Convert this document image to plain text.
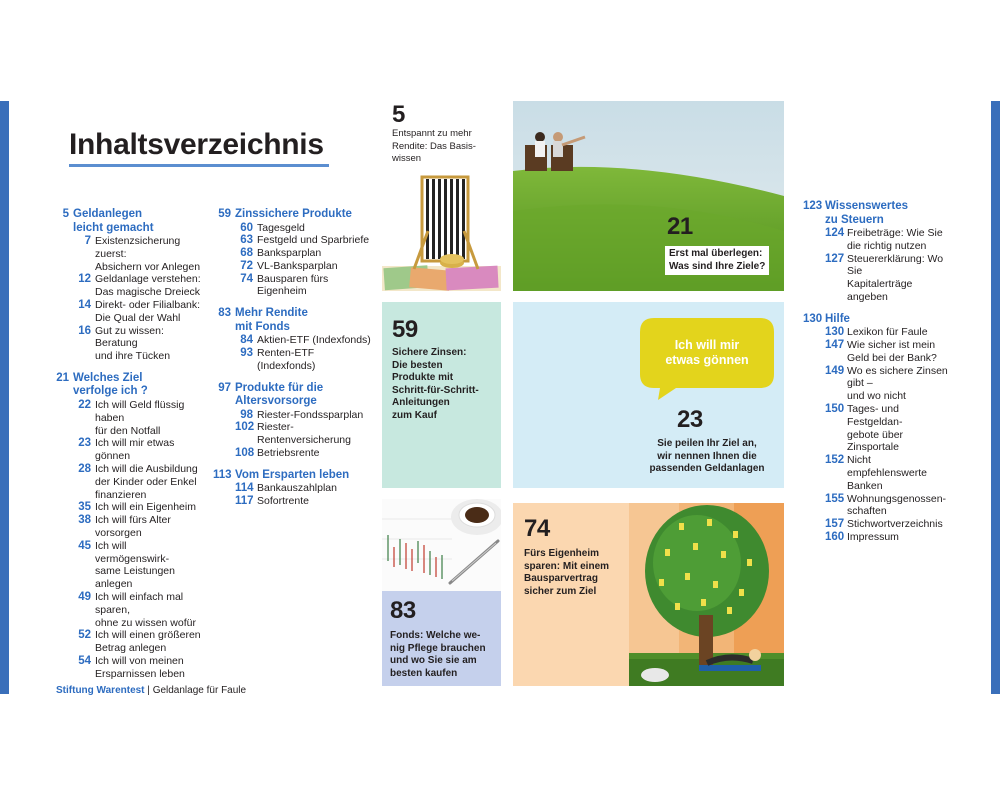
Inhaltsverzeichnis
5 Geldanlegen
leicht gemacht
7 Existenzsicherung zuerst:
Absichern vor Anlegen
12 Geldanlage verstehen:
Das magische Dreieck
14 Direkt- oder Filialbank:
Die Qual der Wahl
16 Gut zu wissen: Beratung
und ihre Tücken
21 Welches Ziel
verfolge ich ?
22 Ich will Geld flüssig haben
für den Notfall
23 Ich will mir etwas gönnen
28 Ich will die Ausbildung
der Kinder oder Enkel
finanzieren
35 Ich will ein Eigenheim
38 Ich will fürs Alter vorsorgen
45 Ich will vermögenswirk-
same Leistungen anlegen
49 Ich will einfach mal sparen,
ohne zu wissen wofür
52 Ich will einen größeren
Betrag anlegen
54 Ich will von meinen
Ersparnissen leben
59 Zinssichere Produkte
60 Tagesgeld
63 Festgeld und Sparbriefe
68 Banksparplan
72 VL-Banksparplan
74 Bausparen fürs Eigenheim
83 Mehr Rendite
mit Fonds
84 Aktien-ETF (Indexfonds)
93 Renten-ETF (Indexfonds)
97 Produkte für die
Altersvorsorge
98 Riester-Fondssparplan
102 Riester-Rentenversicherung
108 Betriebsrente
113 Vom Ersparten leben
114 Bankauszahlplan
117 Sofortrente
123 Wissenswertes
zu Steuern
124 Freibeträge: Wie Sie
die richtig nutzen
127 Steuererklärung: Wo Sie
Kapitalerträge angeben
130 Hilfe
130 Lexikon für Faule
147 Wie sicher ist mein
Geld bei der Bank?
149 Wo es sichere Zinsen gibt –
und wo nicht
150 Tages- und Festgeldan-
gebote über Zinsportale
152 Nicht empfehlenswerte
Banken
155 Wohnungsgenossen-
schaften
157 Stichwortverzeichnis
160 Impressum
5
Entspannt zu mehr
Rendite: Das Basis-
wissen
21
Erst mal überlegen:
Was sind Ihre Ziele?
59
Sichere Zinsen:
Die besten
Produkte mit
Schritt-für-Schritt-
Anleitungen
zum Kauf
Ich will mir
etwas gönnen
23
Sie peilen Ihr Ziel an,
wir nennen Ihnen die
passenden Geldanlagen
83
Fonds: Welche we-
nig Pflege brauchen
und wo Sie sie am
besten kaufen
74
Fürs Eigenheim
sparen: Mit einem
Bausparvertrag
sicher zum Ziel
Stiftung Warentest | Geldanlage für Faule
